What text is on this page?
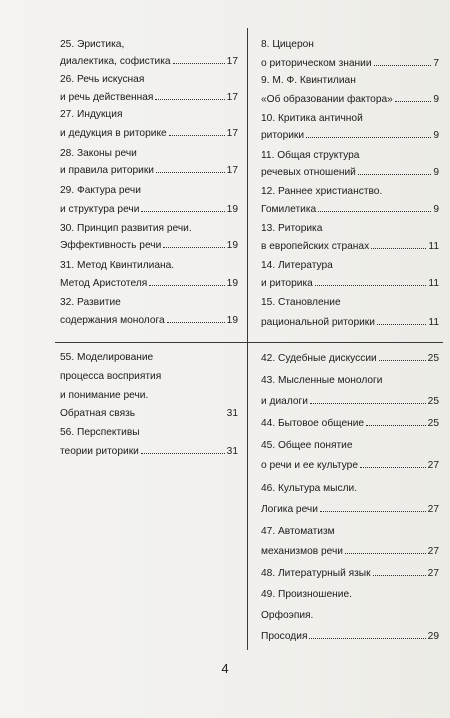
25. Эристика,
диалектика, софистика	17
26. Речь искусная
и речь действенная	17
27. Индукция
и дедукция в риторике	17
28. Законы речи
и правила риторики	17
29. Фактура речи
и структура речи	19
30. Принцип развития речи.
Эффективность речи	19
31. Метод Квинтилиана.
Метод Аристотеля	19
32. Развитие
содержания монолога	19
8. Цицерон
о риторическом знании	7
9. М. Ф. Квинтилиан
«Об образовании фактора»	9
10. Критика античной
риторики	9
11. Общая структура
речевых отношений	9
12. Раннее христианство.
Гомилетика	9
13. Риторика
в европейских странах	11
14. Литература
и риторика	11
15. Становление
рациональной риторики	11
55. Моделирование
процесса восприятия
и понимание речи.
Обратная связь	31
56. Перспективы
теории риторики	31
42. Судебные дискуссии	25
43. Мысленные монологи
и диалоги	25
44. Бытовое общение	25
45. Общее понятие
о речи и ее культуре	27
46. Культура мысли.
Логика речи	27
47. Автоматизм
механизмов речи	27
48. Литературный язык	27
49. Произношение.
Орфоэпия.
Просодия	29
4
